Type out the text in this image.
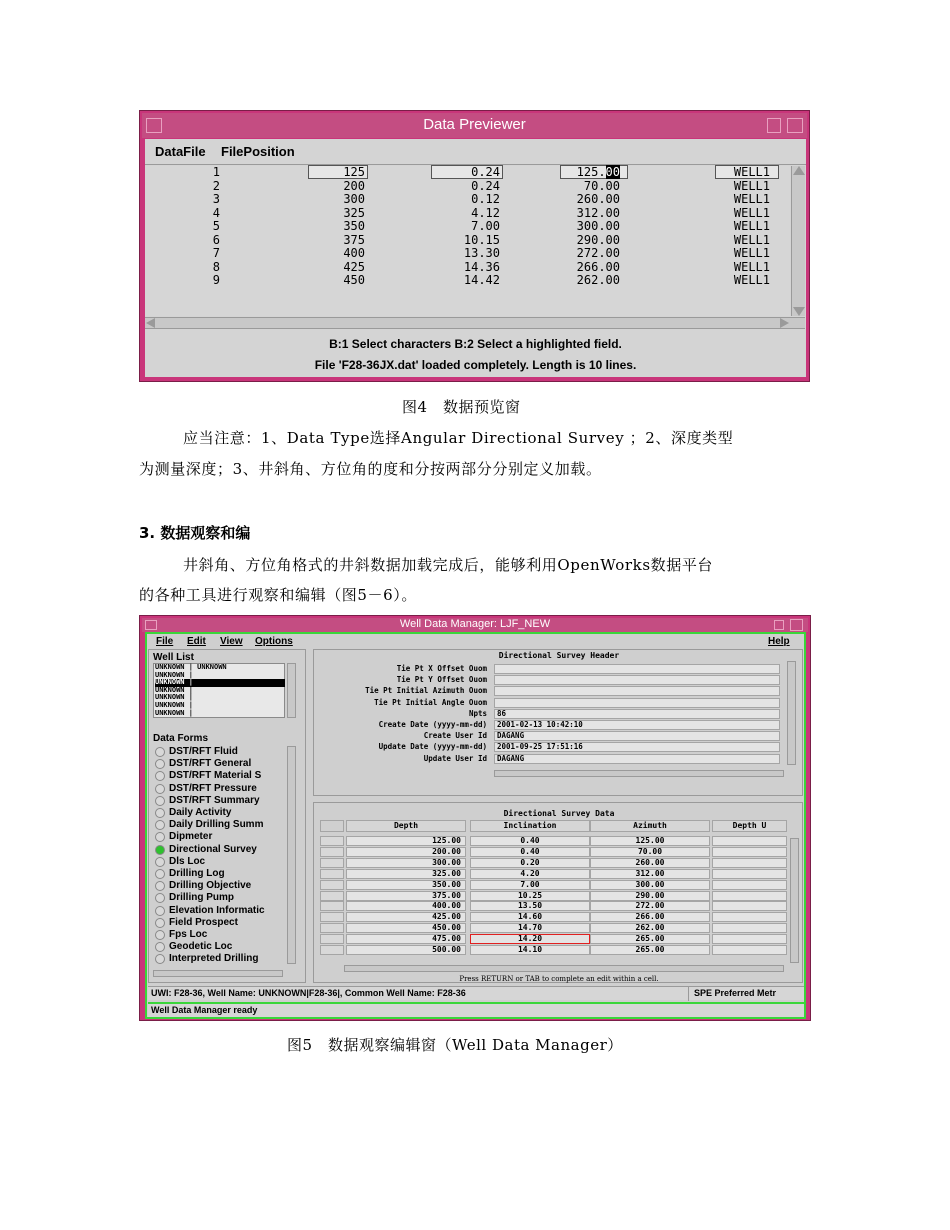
Data Previewer
DataFile FilePosition
1	125	0.24	125.00	WELL1
2	200	0.24	70.00	WELL1
3	300	0.12	260.00	WELL1
4	325	4.12	312.00	WELL1
5	350	7.00	300.00	WELL1
6	375	10.15	290.00	WELL1
7	400	13.30	272.00	WELL1
8	425	14.36	266.00	WELL1
9	450	14.42	262.00	WELL1
B:1 Select characters B:2 Select a highlighted field.
File 'F28-36JX.dat' loaded completely. Length is 10 lines.
图4　数据预览窗
应当注意：1、Data Type选择Angular Directional Survey ；2、深度类型
为测量深度；3、井斜角、方位角的度和分按两部分分别定义加载。
3. 数据观察和编
井斜角、方位角格式的井斜数据加载完成后，能够利用OpenWorks数据平台
的各种工具进行观察和编辑（图5－6）。
Well Data Manager: LJF_NEW
File Edit View Options	Help
Well List
UNKNOWN | UNKNOWN
UNKNOWN |
UNKNOWN |
UNKNOWN |
UNKNOWN |
UNKNOWN |
UNKNOWN |
Data Forms
DST/RFT Fluid
DST/RFT General
DST/RFT Material S
DST/RFT Pressure
DST/RFT Summary
Daily Activity
Daily Drilling Summ
Dipmeter
Directional Survey
Dls Loc
Drilling Log
Drilling Objective
Drilling Pump
Elevation Informatic
Field Prospect
Fps Loc
Geodetic Loc
Interpreted Drilling
Directional Survey Header
Tie Pt X Offset Ouom
Tie Pt Y Offset Ouom
Tie Pt Initial Azimuth Ouom
Tie Pt Initial Angle Ouom
Npts	86
Create Date (yyyy-mm-dd)	2001-02-13 10:42:10
Create User Id	DAGANG
Update Date (yyyy-mm-dd)	2001-09-25 17:51:16
Update User Id	DAGANG
Directional Survey Data
Depth	Inclination	Azimuth	Depth U
125.00	0.40	125.00
200.00	0.40	70.00
300.00	0.20	260.00
325.00	4.20	312.00
350.00	7.00	300.00
375.00	10.25	290.00
400.00	13.50	272.00
425.00	14.60	266.00
450.00	14.70	262.00
475.00	14.20	265.00
500.00	14.10	265.00
Press RETURN or TAB to complete an edit within a cell.
UWI: F28-36, Well Name: UNKNOWN|F28-36|, Common Well Name: F28-36	SPE Preferred Metr
Well Data Manager ready
图5　数据观察编辑窗（Well Data Manager）
